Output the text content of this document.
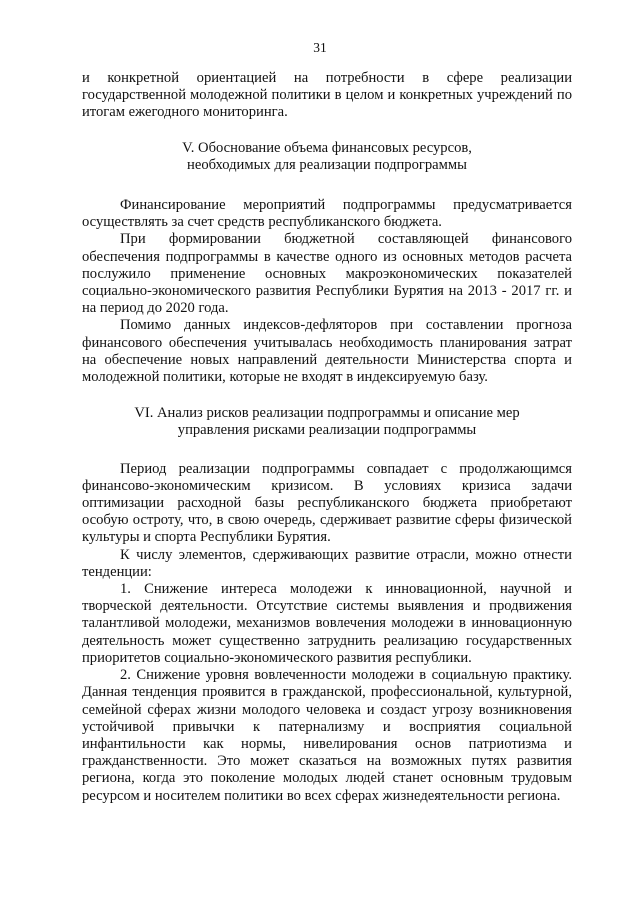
31

и конкретной ориентацией на потребности в сфере реализации государственной молодежной политики в целом и конкретных учреждений по итогам ежегодного мониторинга.

V. Обоснование объема финансовых ресурсов,
необходимых для реализации подпрограммы

Финансирование мероприятий подпрограммы предусматривается осуществлять за счет средств республиканского бюджета.

При формировании бюджетной составляющей финансового обеспечения подпрограммы в качестве одного из основных методов расчета послужило применение основных макроэкономических показателей социально-экономического развития Республики Бурятия на 2013 - 2017 гг. и на период до 2020 года.

Помимо данных индексов-дефляторов при составлении прогноза финансового обеспечения учитывалась необходимость планирования затрат на обеспечение новых направлений деятельности Министерства спорта и молодежной политики, которые не входят в индексируемую базу.

VI. Анализ рисков реализации подпрограммы и описание мер
управления рисками реализации подпрограммы

Период реализации подпрограммы совпадает с продолжающимся финансово-экономическим кризисом. В условиях кризиса задачи оптимизации расходной базы республиканского бюджета приобретают особую остроту, что, в свою очередь, сдерживает развитие сферы физической культуры и спорта Республики Бурятия.

К числу элементов, сдерживающих развитие отрасли, можно отнести тенденции:

1. Снижение интереса молодежи к инновационной, научной и творческой деятельности. Отсутствие системы выявления и продвижения талантливой молодежи, механизмов вовлечения молодежи в инновационную деятельность может существенно затруднить реализацию государственных приоритетов социально-экономического развития республики.

2. Снижение уровня вовлеченности молодежи в социальную практику. Данная тенденция проявится в гражданской, профессиональной, культурной, семейной сферах жизни молодого человека и создаст угрозу возникновения устойчивой привычки к патернализму и восприятия социальной инфантильности как нормы, нивелирования основ патриотизма и гражданственности. Это может сказаться на возможных путях развития региона, когда это поколение молодых людей станет основным трудовым ресурсом и носителем политики во всех сферах жизнедеятельности региона.
